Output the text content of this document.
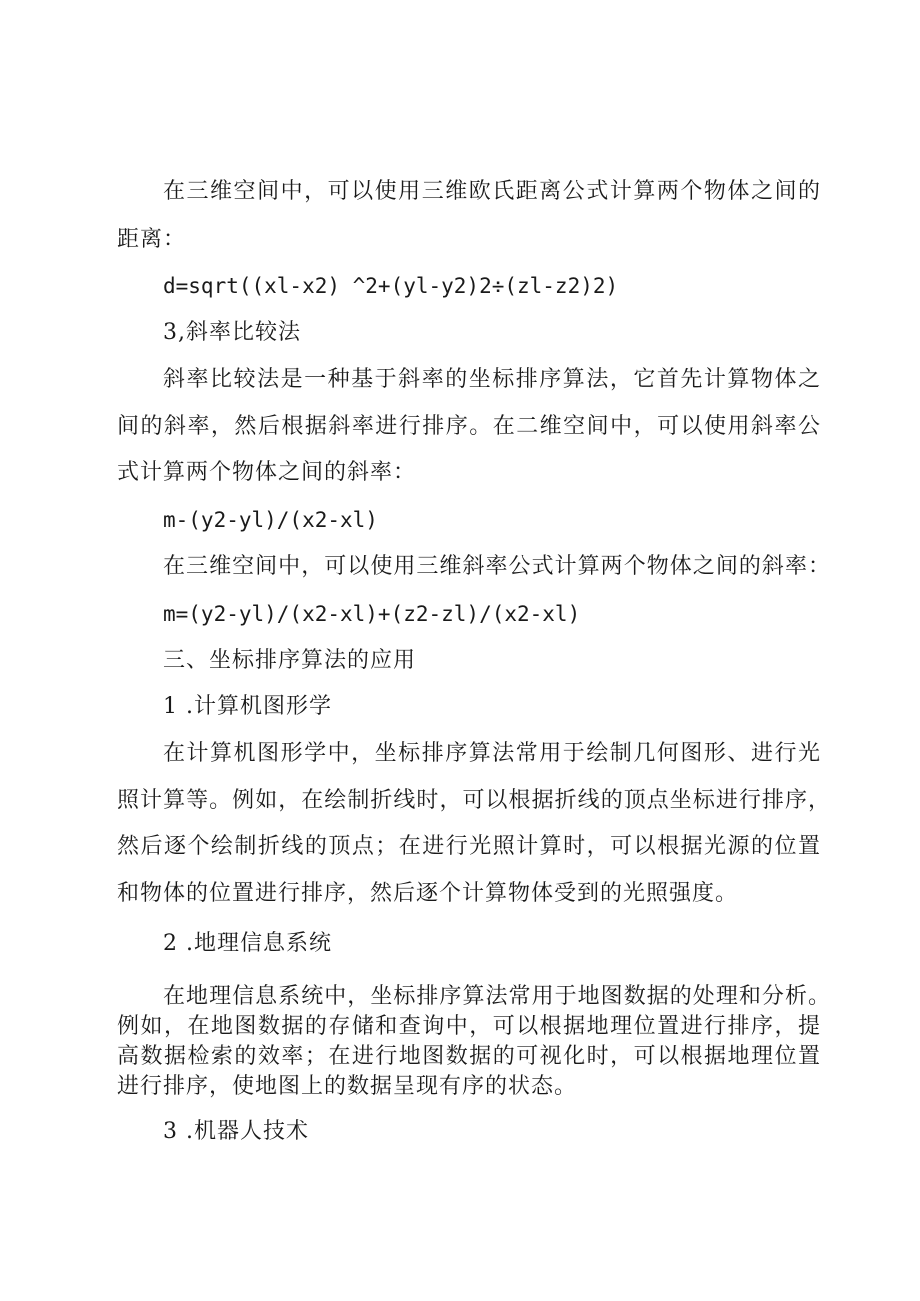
在三维空间中，可以使用三维欧氏距离公式计算两个物体之间的

距离：

d=sqrt((xl-x2) ^2+(yl-y2)2÷(zl-z2)2)

3,斜率比较法

斜率比较法是一种基于斜率的坐标排序算法，它首先计算物体之

间的斜率，然后根据斜率进行排序。在二维空间中，可以使用斜率公

式计算两个物体之间的斜率：

m-(y2-yl)/(x2-xl)

在三维空间中，可以使用三维斜率公式计算两个物体之间的斜率：

m=(y2-yl)/(x2-xl)+(z2-zl)/(x2-xl)

三、坐标排序算法的应用

1 .计算机图形学

在计算机图形学中，坐标排序算法常用于绘制几何图形、进行光

照计算等。例如，在绘制折线时，可以根据折线的顶点坐标进行排序，

然后逐个绘制折线的顶点；在进行光照计算时，可以根据光源的位置

和物体的位置进行排序，然后逐个计算物体受到的光照强度。

2 .地理信息系统

在地理信息系统中，坐标排序算法常用于地图数据的处理和分析。

例如，在地图数据的存储和查询中，可以根据地理位置进行排序，提

高数据检索的效率；在进行地图数据的可视化时，可以根据地理位置

进行排序，使地图上的数据呈现有序的状态。

3 .机器人技术
